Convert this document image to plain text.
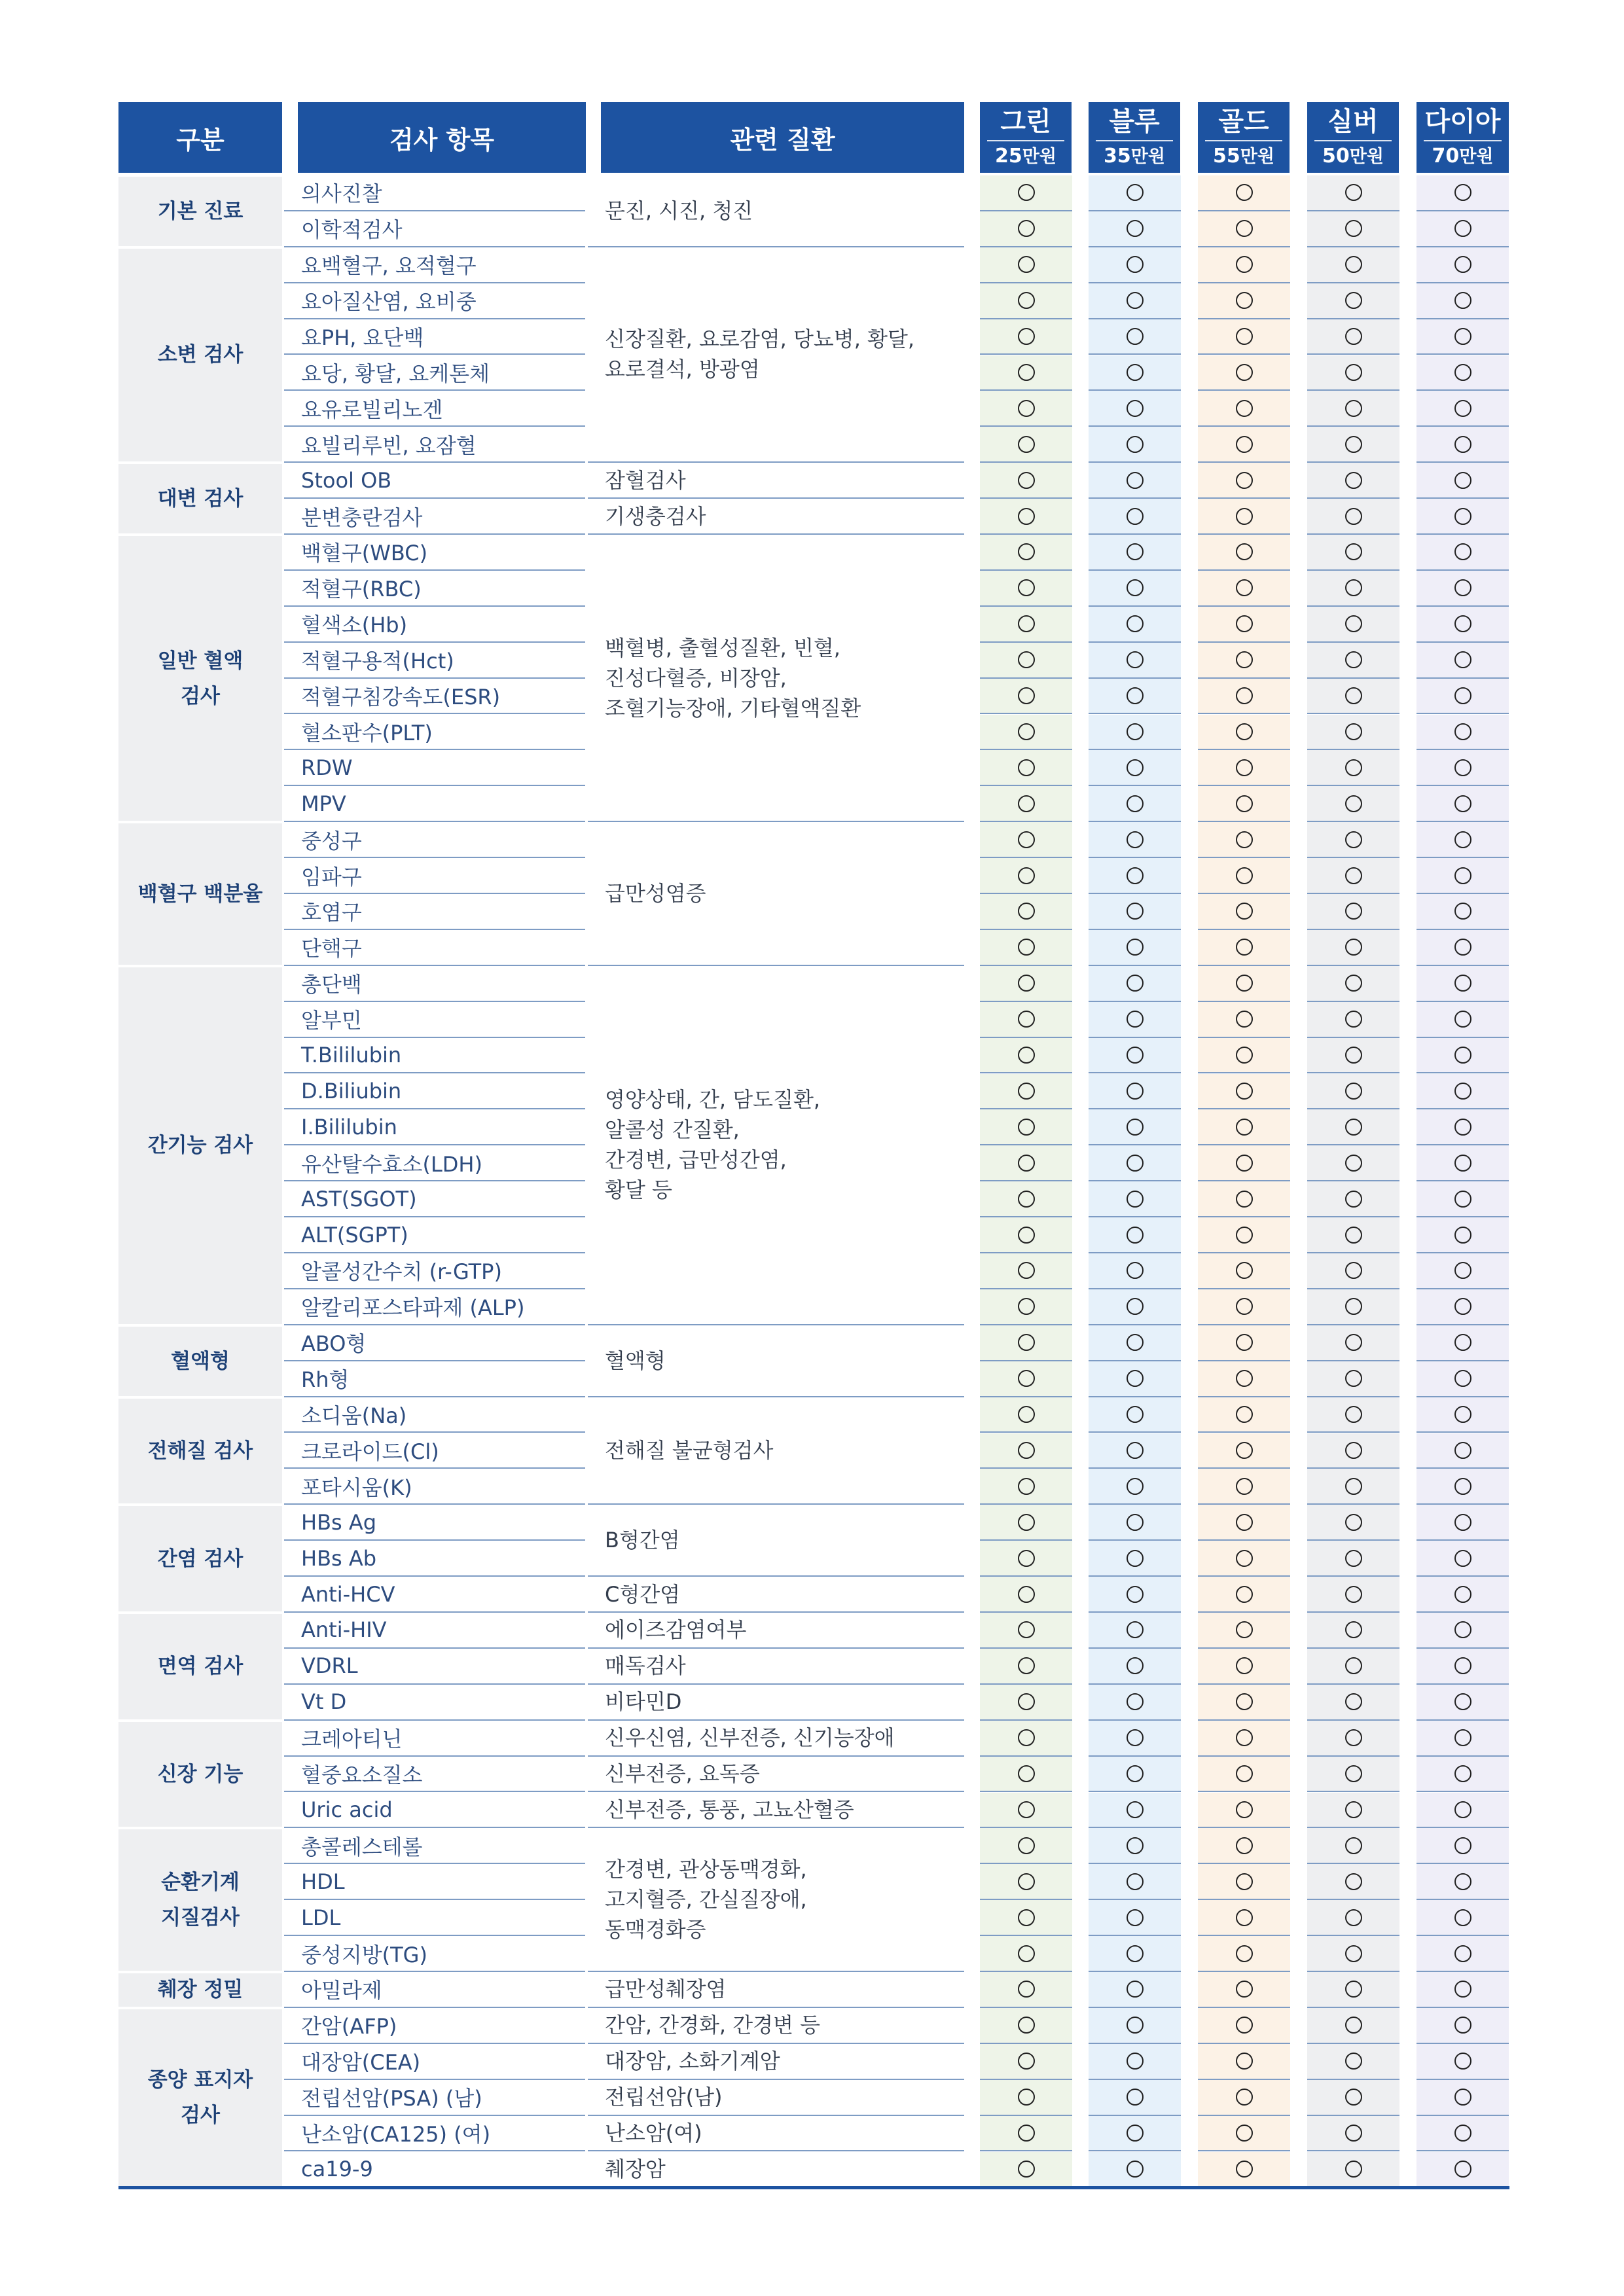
구분	검사 항목	관련 질환
그린
25만원
블루
35만원
골드
55만원
실버
50만원
다이아
70만원
기본 진료
소변 검사
대변 검사
일반 혈액
검사
백혈구 백분율
간기능 검사
혈액형
전해질 검사
간염 검사
면역 검사
신장 기능
순환기계
지질검사
췌장 정밀
종양 표지자
검사
의사진찰
이학적검사
요백혈구, 요적혈구
요아질산염, 요비중
요PH, 요단백
요당, 황달, 요케톤체
요유로빌리노겐
요빌리루빈, 요잠혈
Stool OB
분변충란검사
백혈구(WBC)
적혈구(RBC)
혈색소(Hb)
적혈구용적(Hct)
적혈구침강속도(ESR)
혈소판수(PLT)
RDW
MPV
중성구
임파구
호염구
단핵구
총단백
알부민
T.Bililubin
D.Biliubin
I.Bililubin
유산탈수효소(LDH)
AST(SGOT)
ALT(SGPT)
알콜성간수치 (r-GTP)
알칼리포스타파제 (ALP)
ABO형
Rh형
소디움(Na)
크로라이드(Cl)
포타시움(K)
HBs Ag
HBs Ab
Anti-HCV
Anti-HIV
VDRL
Vt D
크레아티닌
혈중요소질소
Uric acid
총콜레스테롤
HDL
LDL
중성지방(TG)
아밀라제
간암(AFP)
대장암(CEA)
전립선암(PSA) (남)
난소암(CA125) (여)
ca19-9
문진, 시진, 청진
신장질환, 요로감염, 당뇨병, 황달,
요로결석, 방광염
잠혈검사
기생충검사
백혈병, 출혈성질환, 빈혈,
진성다혈증, 비장암,
조혈기능장애, 기타혈액질환
급만성염증
영양상태, 간, 담도질환,
알콜성 간질환,
간경변, 급만성간염,
황달 등
혈액형
전해질 불균형검사
B형간염
C형간염
에이즈감염여부
매독검사
비타민D
신우신염, 신부전증, 신기능장애
신부전증, 요독증
신부전증, 통풍, 고뇨산혈증
간경변, 관상동맥경화,
고지혈증, 간실질장애,
동맥경화증
급만성췌장염
간암, 간경화, 간경변 등
대장암, 소화기계암
전립선암(남)
난소암(여)
췌장암
